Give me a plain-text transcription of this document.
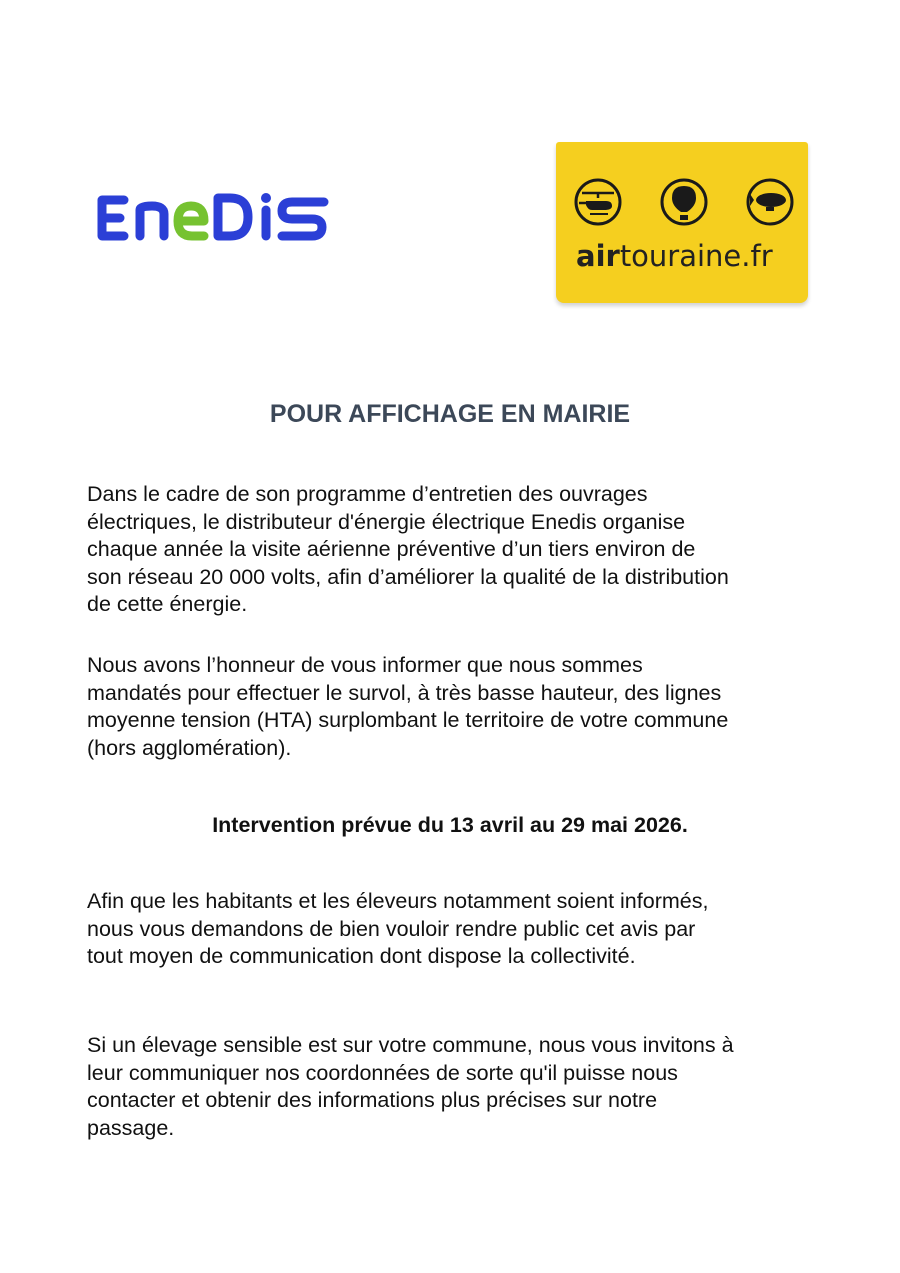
airtouraine.fr
POUR AFFICHAGE EN MAIRIE
Dans le cadre de son programme d’entretien des ouvrages
électriques, le distributeur d'énergie électrique Enedis organise
chaque année la visite aérienne préventive d’un tiers environ de
son réseau 20 000 volts, afin d’améliorer la qualité de la distribution
de cette énergie.
Nous avons l’honneur de vous informer que nous sommes
mandatés pour effectuer le survol, à très basse hauteur, des lignes
moyenne tension (HTA) surplombant le territoire de votre commune
(hors agglomération).
Intervention prévue du 13 avril au 29 mai 2026.
Afin que les habitants et les éleveurs notamment soient informés,
nous vous demandons de bien vouloir rendre public cet avis par
tout moyen de communication dont dispose la collectivité.
Si un élevage sensible est sur votre commune, nous vous invitons à
leur communiquer nos coordonnées de sorte qu'il puisse nous
contacter et obtenir des informations plus précises sur notre
passage.
